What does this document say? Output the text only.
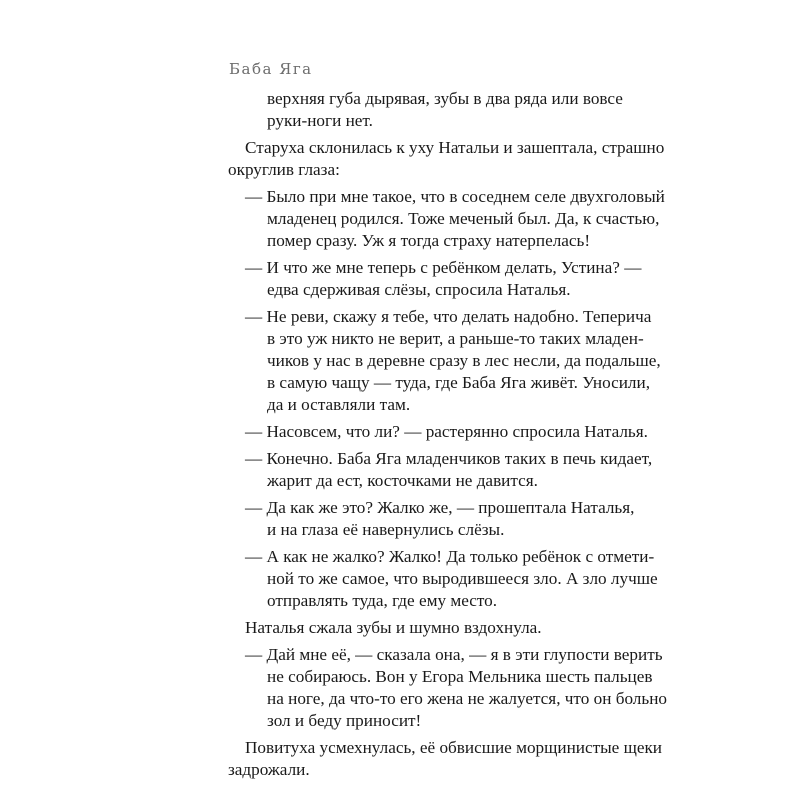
Баба Яга
верхняя губа дырявая, зубы в два ряда или вовсе
руки-ноги нет.
Старуха склонилась к уху Натальи и зашептала, страшно
округлив глаза:
— Было при мне такое, что в соседнем селе двухголовый
младенец родился. Тоже меченый был. Да, к счастью,
помер сразу. Уж я тогда страху натерпелась!
— И что же мне теперь с ребёнком делать, Устина? —
едва сдерживая слёзы, спросила Наталья.
— Не реви, скажу я тебе, что делать надобно. Теперича
в это уж никто не верит, а раньше-то таких младен-
чиков у нас в деревне сразу в лес несли, да подальше,
в самую чащу — туда, где Баба Яга живёт. Уносили,
да и оставляли там.
— Насовсем, что ли? — растерянно спросила Наталья.
— Конечно. Баба Яга младенчиков таких в печь кидает,
жарит да ест, косточками не давится.
— Да как же это? Жалко же, — прошептала Наталья,
и на глаза её навернулись слёзы.
— А как не жалко? Жалко! Да только ребёнок с отмети-
ной то же самое, что выродившееся зло. А зло лучше
отправлять туда, где ему место.
Наталья сжала зубы и шумно вздохнула.
— Дай мне её, — сказала она, — я в эти глупости верить
не собираюсь. Вон у Егора Мельника шесть пальцев
на ноге, да что-то его жена не жалуется, что он больно
зол и беду приносит!
Повитуха усмехнулась, её обвисшие морщинистые щеки
задрожали.
